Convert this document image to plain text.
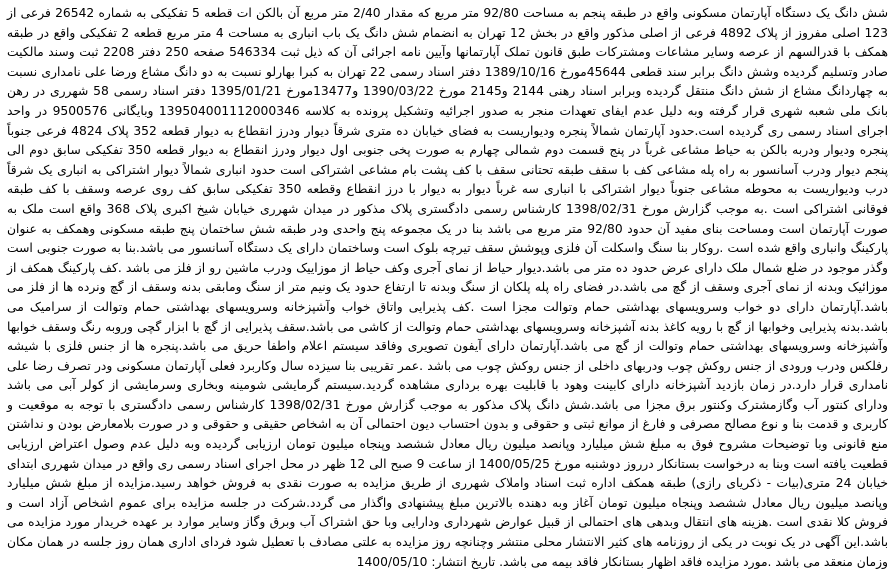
شش دانگ یک دستگاه آپارتمان مسکونی واقع در طبقه پنجم به مساحت 92/80 متر مربع که مقدار 2/40 متر مربع آن بالکن ات قطعه 5 تفکیکی به شماره 26542 فرعی از 123 اصلی مفروز از پلاک 4892 فرعی از اصلی مذکور واقع در بخش 12 تهران به انضمام شش دانگ یک باب انباری به مساحت 4 متر مربع قطعه 2 تفکیکی واقع در طبقه همکف با قدرالسهم از عرصه وسایر مشاعات ومشترکات طبق قانون تملک آپارتمانها وآیین نامه اجرائی آن که ذیل ثبت 546334 صفحه 250 دفتر 2208 ثبت وسند مالکیت صادر وتسلیم گردیده وشش دانگ برابر سند قطعی 45644مورخ 1389/10/16 دفتر اسناد رسمی 22 تهران به کبرا بهارلو نسبت به دو دانگ مشاع ورضا علی نامداری نسبت به چهاردانگ مشاع از شش دانگ منتقل گردیده وبرابر اسناد رهنی 2144 و2145 مورخ 1390/03/22 و13477مورخ 1395/01/21 دفتر اسناد رسمی 58 شهرری در رهن بانک ملی شعبه شهری قرار گرفته وبه دلیل عدم ایفای تعهدات منجر به صدور اجرائیه وتشکیل پرونده به کلاسه 139504001112000346 وبایگانی 9500576 در واحد اجرای اسناد رسمی ری گردیده است.حدود آپارتمان شمالاً پنجره ودیواریست به فضای خیابان ده متری شرقاً دیوار ودرز انقطاع به دیوار قطعه 352 پلاک 4824 فرعی جنوباً پنجره ودیوار ودربه بالکن به حیاط مشاعی غرباً در پنج قسمت دوم شمالی چهارم به صورت پخی جنوبی اول دیوار ودرز انقطاع به دیوار قطعه 350 تفکیکی سابق دوم الی پنجم دیوار ودرب آسانسور به راه پله مشاعی کف با سقف طبقه تحتانی سقف با کف پشت بام مشاعی اشتراکی است حدود انباری شمالاً دیوار اشتراکی به انباری یک شرقاً درب ودیواریست به محوطه مشاعی جنوباً دیوار اشتراکی با انباری سه غرباً دیوار به دیوار با درز انقطاع وقطعه 350 تفکیکی سابق کف روی عرصه وسقف با کف طبقه فوقانی اشتراکی است .به موجب گزارش مورخ 1398/02/31 کارشناس رسمی دادگستری پلاک مذکور در میدان شهرری خیابان شیخ اکبری پلاک 368 واقع است ملک به صورت آپارتمان است ومساحت بنای مفید آن حدود 92/80 متر مربع می باشد بنا در یک مجموعه پنج واحدی ودر طبقه شش ساختمان پنج طبقه مسکونی وهمکف به عنوان پارکینگ وانباری واقع شده است .روکار بنا سنگ واسکلت آن فلزی وپوشش سقف تیرچه بلوک است وساختمان دارای یک دستگاه آسانسور می باشد.بنا به صورت جنوبی است وگذر موجود در ضلع شمال ملک دارای عرض حدود ده متر می باشد.دیوار حیاط از نمای آجری وکف حیاط از موزاییک ودرب ماشین رو از فلز می باشد .کف پارکینگ همکف از موزائیک وبدنه از نمای آجری وسقف از گچ می باشد.در فضای راه پله پلکان از سنگ وبدنه تا ارتفاع حدود یک ونیم متر از سنگ ومابقی بدنه وسقف از گچ ونرده ها از فلز می باشد.آپارتمان دارای دو خواب وسرویسهای بهداشتی حمام وتوالت مجزا است .کف پذیرایی واتاق خواب وآشپزخانه وسرویسهای بهداشتی حمام وتوالت از سرامیک می باشد.بدنه پذیرایی وخوابها از گچ با رویه کاغذ بدنه آشپزخانه وسرویسهای بهداشتی حمام وتوالت از کاشی می باشد.سقف پذیرایی از گچ با ابزار گچی وروبه رنگ وسقف خوابها وآشپزخانه وسرویسهای بهداشتی حمام وتوالت از گچ می باشد.آپارتمان دارای آیفون تصویری وفاقد سیستم اعلام واطفا حریق می باشد.پنجره ها از جنس فلزی با شیشه رفلکس ودرب ورودی از جنس روکش چوب ودربهای داخلی از جنس روکش چوب می باشد .عمر تقریبی بنا سیزده سال وکاربرد فعلی آپارتمان مسکونی ودر تصرف رضا علی نامداری قرار دارد.در زمان بازدید آشپزخانه دارای کابینت وهود با قابلیت بهره برداری مشاهده گردید.سیستم گرمایشی شومینه وبخاری وسرمایشی از کولر آبی می باشد ودارای کنتور آب وگازمشترک وکنتور برق مجزا می باشد.شش دانگ پلاک مذکور به موجب گزارش مورخ 1398/02/31 کارشناس رسمی دادگستری با توجه به موقعیت و کاربری و قدمت بنا و نوع مصالح مصرفی و فارغ از موانع ثبتی و حقوقی و بدون احتساب دیون احتمالی آن به اشخاص حقیقی و حقوقی و در صورت بلامعارض بودن و نداشتن منع قانونی وبا توضیحات مشروح فوق به مبلغ شش میلیارد وپانصد میلیون ریال معادل ششصد وپنجاه میلیون تومان ارزیابی گردیده وبه دلیل عدم وصول اعتراض ارزیابی قطعیت یافته است وبنا به درخواست بستانکار درروز دوشنبه مورخ 1400/05/25 از ساعت 9 صبح الی 12 ظهر در محل اجرای اسناد رسمی ری واقع در میدان شهرری ابتدای خیابان 24 متری(بیات - ذکریای رازی) طبقه همکف اداره ثبت اسناد واملاک شهرری از طریق مزایده به صورت نقدی به فروش خواهد رسید.مزایده از مبلغ شش میلیارد وپانصد میلیون ریال معادل ششصد وپنجاه میلیون تومان آغاز وبه دهنده بالاترین مبلغ پیشنهادی واگذار می گردد.شرکت در جلسه مزایده برای عموم اشخاص آزاد است و فروش کلا نقدی است .هزینه های انتقال وبدهی های احتمالی از قبیل عوارض شهرداری ودارایی وبا حق اشتراک آب وبرق وگاز وسایر موارد بر عهده خریدار مورد مزایده می باشد.این آگهی در یک نوبت در یکی از روزنامه های کثیر الانتشار محلی منتشر وچنانچه روز مزایده به علتی مصادف با تعطیل شود فردای اداری همان روز جلسه در همان مکان وزمان منعقد می باشد .مورد مزایده فاقد اظهار بستانکار فاقد بیمه می باشد. تاریخ انتشار: 1400/05/10
